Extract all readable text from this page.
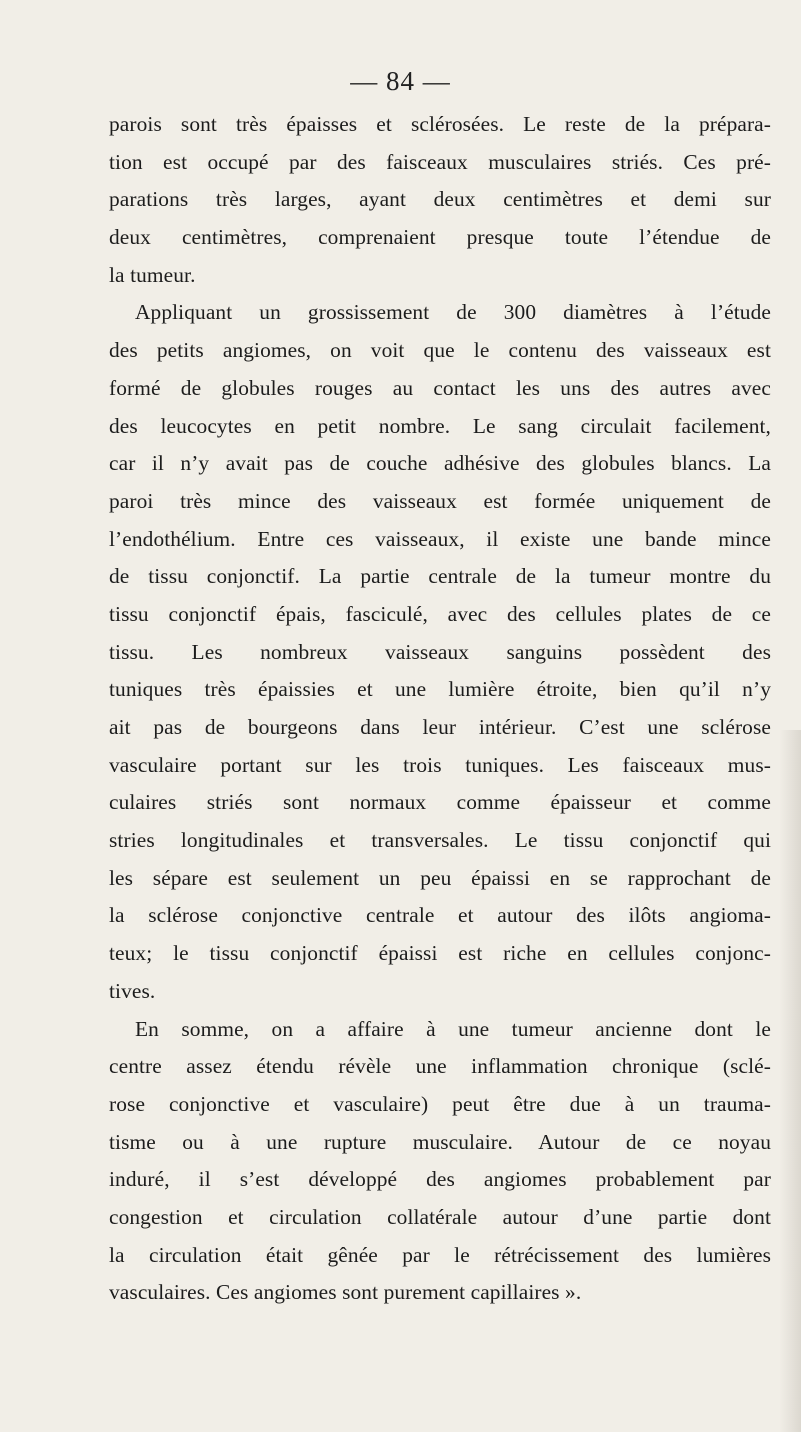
— 84 —
parois sont très épaisses et sclérosées. Le reste de la prépara-
tion est occupé par des faisceaux musculaires striés. Ces pré-
parations très larges, ayant deux centimètres et demi sur
deux centimètres, comprenaient presque toute l’étendue de
la tumeur.
Appliquant un grossissement de 300 diamètres à l’étude
des petits angiomes, on voit que le contenu des vaisseaux est
formé de globules rouges au contact les uns des autres avec
des leucocytes en petit nombre. Le sang circulait facilement,
car il n’y avait pas de couche adhésive des globules blancs. La
paroi très mince des vaisseaux est formée uniquement de
l’endothélium. Entre ces vaisseaux, il existe une bande mince
de tissu conjonctif. La partie centrale de la tumeur montre du
tissu conjonctif épais, fasciculé, avec des cellules plates de ce
tissu. Les nombreux vaisseaux sanguins possèdent des
tuniques très épaissies et une lumière étroite, bien qu’il n’y
ait pas de bourgeons dans leur intérieur. C’est une sclérose
vasculaire portant sur les trois tuniques. Les faisceaux mus-
culaires striés sont normaux comme épaisseur et comme
stries longitudinales et transversales. Le tissu conjonctif qui
les sépare est seulement un peu épaissi en se rapprochant de
la sclérose conjonctive centrale et autour des ilôts angioma-
teux; le tissu conjonctif épaissi est riche en cellules conjonc-
tives.
En somme, on a affaire à une tumeur ancienne dont le
centre assez étendu révèle une inflammation chronique (sclé-
rose conjonctive et vasculaire) peut être due à un trauma-
tisme ou à une rupture musculaire. Autour de ce noyau
induré, il s’est développé des angiomes probablement par
congestion et circulation collatérale autour d’une partie dont
la circulation était gênée par le rétrécissement des lumières
vasculaires. Ces angiomes sont purement capillaires ».
